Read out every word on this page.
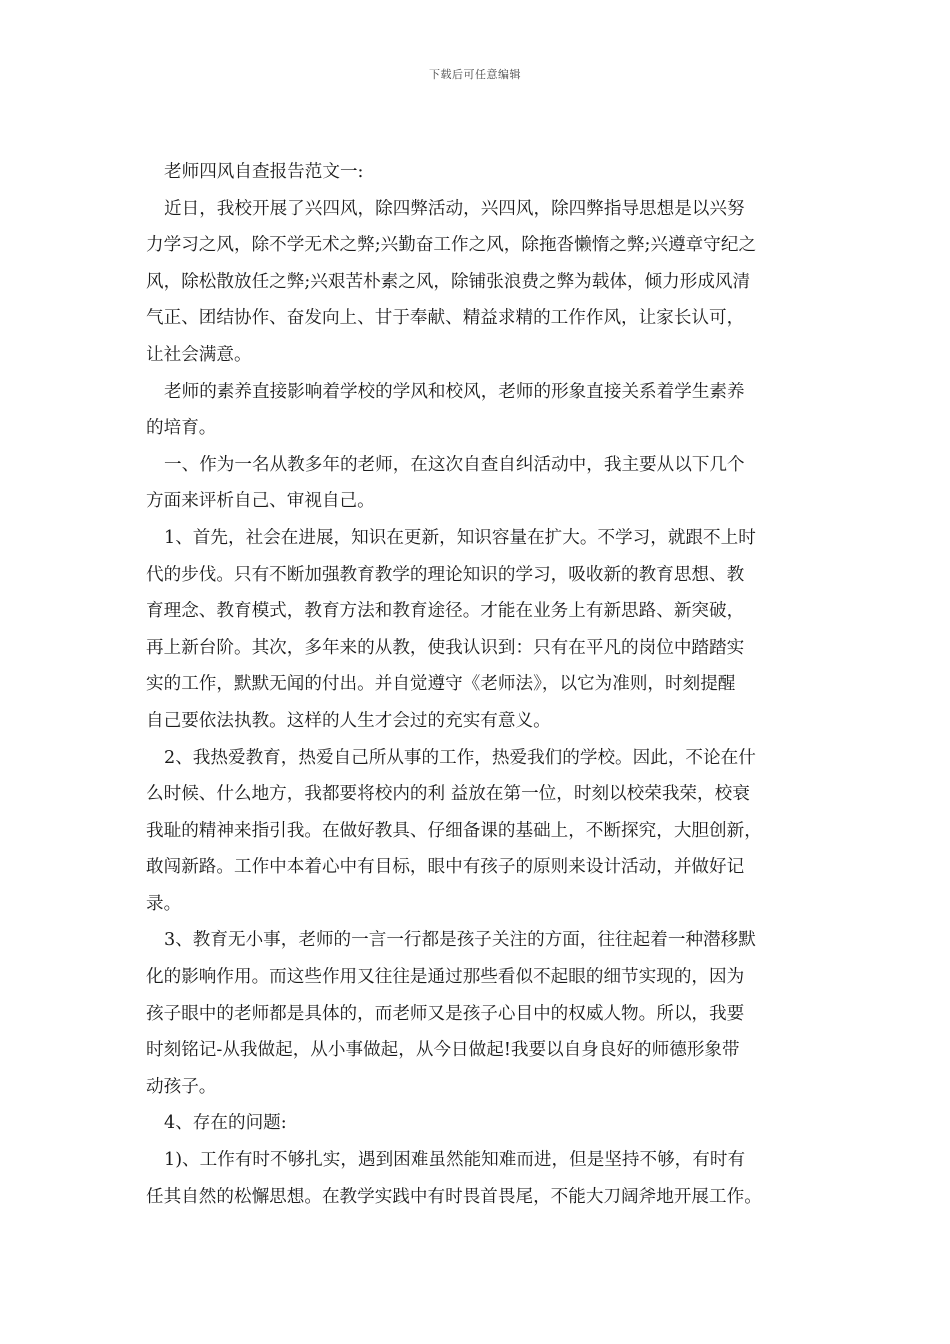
下载后可任意编辑
老师四风自查报告范文一:
近日，我校开展了兴四风，除四弊活动，兴四风，除四弊指导思想是以兴努
力学习之风，除不学无术之弊;兴勤奋工作之风，除拖沓懒惰之弊;兴遵章守纪之
风，除松散放任之弊;兴艰苦朴素之风，除铺张浪费之弊为载体，倾力形成风清
气正、团结协作、奋发向上、甘于奉献、精益求精的工作作风，让家长认可，
让社会满意。
老师的素养直接影响着学校的学风和校风，老师的形象直接关系着学生素养
的培育。
一、作为一名从教多年的老师，在这次自查自纠活动中，我主要从以下几个
方面来评析自己、审视自己。
1、首先，社会在进展，知识在更新，知识容量在扩大。不学习，就跟不上时
代的步伐。只有不断加强教育教学的理论知识的学习，吸收新的教育思想、教
育理念、教育模式，教育方法和教育途径。才能在业务上有新思路、新突破，
再上新台阶。其次，多年来的从教，使我认识到：只有在平凡的岗位中踏踏实
实的工作，默默无闻的付出。并自觉遵守《老师法》，以它为准则，时刻提醒
自己要依法执教。这样的人生才会过的充实有意义。
2、我热爱教育，热爱自己所从事的工作，热爱我们的学校。因此，不论在什
么时候、什么地方，我都要将校内的利 益放在第一位，时刻以校荣我荣，校衰
我耻的精神来指引我。在做好教具、仔细备课的基础上，不断探究，大胆创新，
敢闯新路。工作中本着心中有目标，眼中有孩子的原则来设计活动，并做好记
录。
3、教育无小事，老师的一言一行都是孩子关注的方面，往往起着一种潜移默
化的影响作用。而这些作用又往往是通过那些看似不起眼的细节实现的，因为
孩子眼中的老师都是具体的，而老师又是孩子心目中的权威人物。所以，我要
时刻铭记-从我做起，从小事做起，从今日做起!我要以自身良好的师德形象带
动孩子。
4、存在的问题:
1)、工作有时不够扎实，遇到困难虽然能知难而进，但是坚持不够，有时有
任其自然的松懈思想。在教学实践中有时畏首畏尾，不能大刀阔斧地开展工作。
